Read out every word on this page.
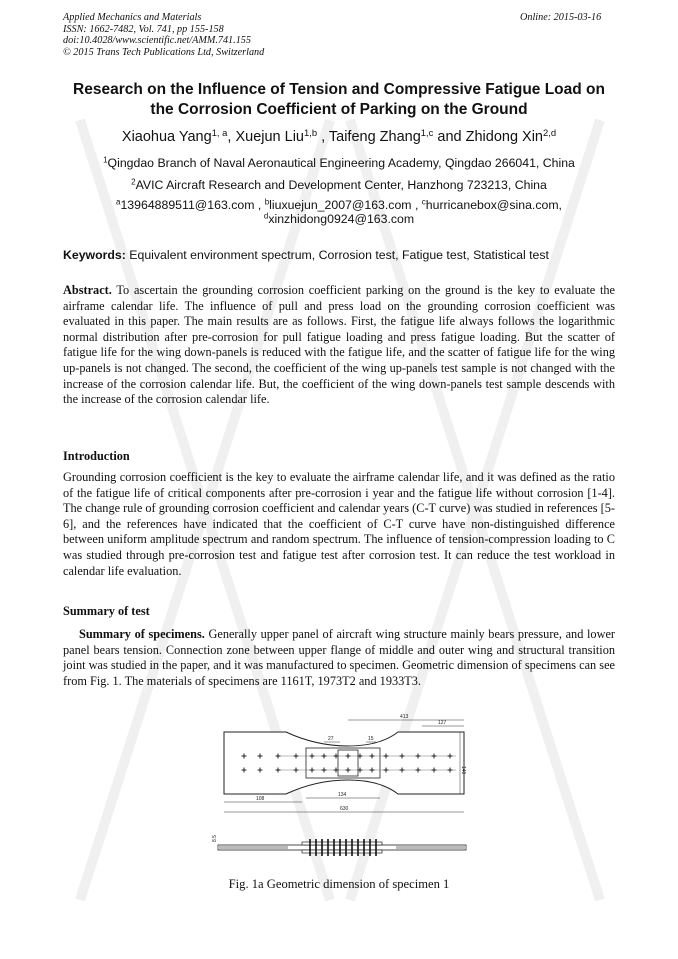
Applied Mechanics and Materials
ISSN: 1662-7482, Vol. 741, pp 155-158
doi:10.4028/www.scientific.net/AMM.741.155
© 2015 Trans Tech Publications Ltd, Switzerland
Online: 2015-03-16
Research on the Influence of Tension and Compressive Fatigue Load on
the Corrosion Coefficient of Parking on the Ground
Xiaohua Yang$^{1, a}$, Xuejun Liu$^{1,b}$ , Taifeng Zhang$^{1,c}$ and Zhidong Xin$^{2,d}$
$^1$Qingdao Branch of Naval Aeronautical Engineering Academy, Qingdao 266041, China
$^2$AVIC Aircraft Research and Development Center, Hanzhong 723213, China
$^a$13964889511@163.com , $^b$liuxuejun_2007@163.com , $^c$hurricanebox@sina.com,
$^d$xinzhidong0924@163.com
Keywords: Equivalent environment spectrum, Corrosion test, Fatigue test, Statistical test
Abstract. To ascertain the grounding corrosion coefficient parking on the ground is the key to evaluate the airframe calendar life. The influence of pull and press load on the grounding corrosion coefficient was evaluated in this paper. The main results are as follows. First, the fatigue life always follows the logarithmic normal distribution after pre-corrosion for pull fatigue loading and press fatigue loading. But the scatter of fatigue life for the wing down-panels is reduced with the fatigue life, and the scatter of fatigue life for the wing up-panels is not changed. The second, the coefficient of the wing up-panels test sample is not changed with the increase of the corrosion calendar life. But, the coefficient of the wing down-panels test sample descends with the increase of the corrosion calendar life.
Introduction
Grounding corrosion coefficient is the key to evaluate the airframe calendar life, and it was defined as the ratio of the fatigue life of critical components after pre-corrosion i year and the fatigue life without corrosion [1-4]. The change rule of grounding corrosion coefficient and calendar years (C-T curve) was studied in references [5-6], and the references have indicated that the coefficient of C-T curve have non-distinguished difference between uniform amplitude spectrum and random spectrum. The influence of tension-compression loading to C was studied through pre-corrosion test and fatigue test after corrosion test. It can reduce the test workload in calendar life evaluation.
Summary of test
Summary of specimens. Generally upper panel of aircraft wing structure mainly bears pressure, and lower panel bears tension. Connection zone between upper flange of middle and outer wing and structural transition joint was studied in the paper, and it was manufactured to specimen. Geometric dimension of specimens can see from Fig. 1. The materials of specimens are 1161T, 1973T2 and 1933T3.
413
127
27	15
140
134
108
630
8.5
Fig. 1a Geometric dimension of specimen 1
